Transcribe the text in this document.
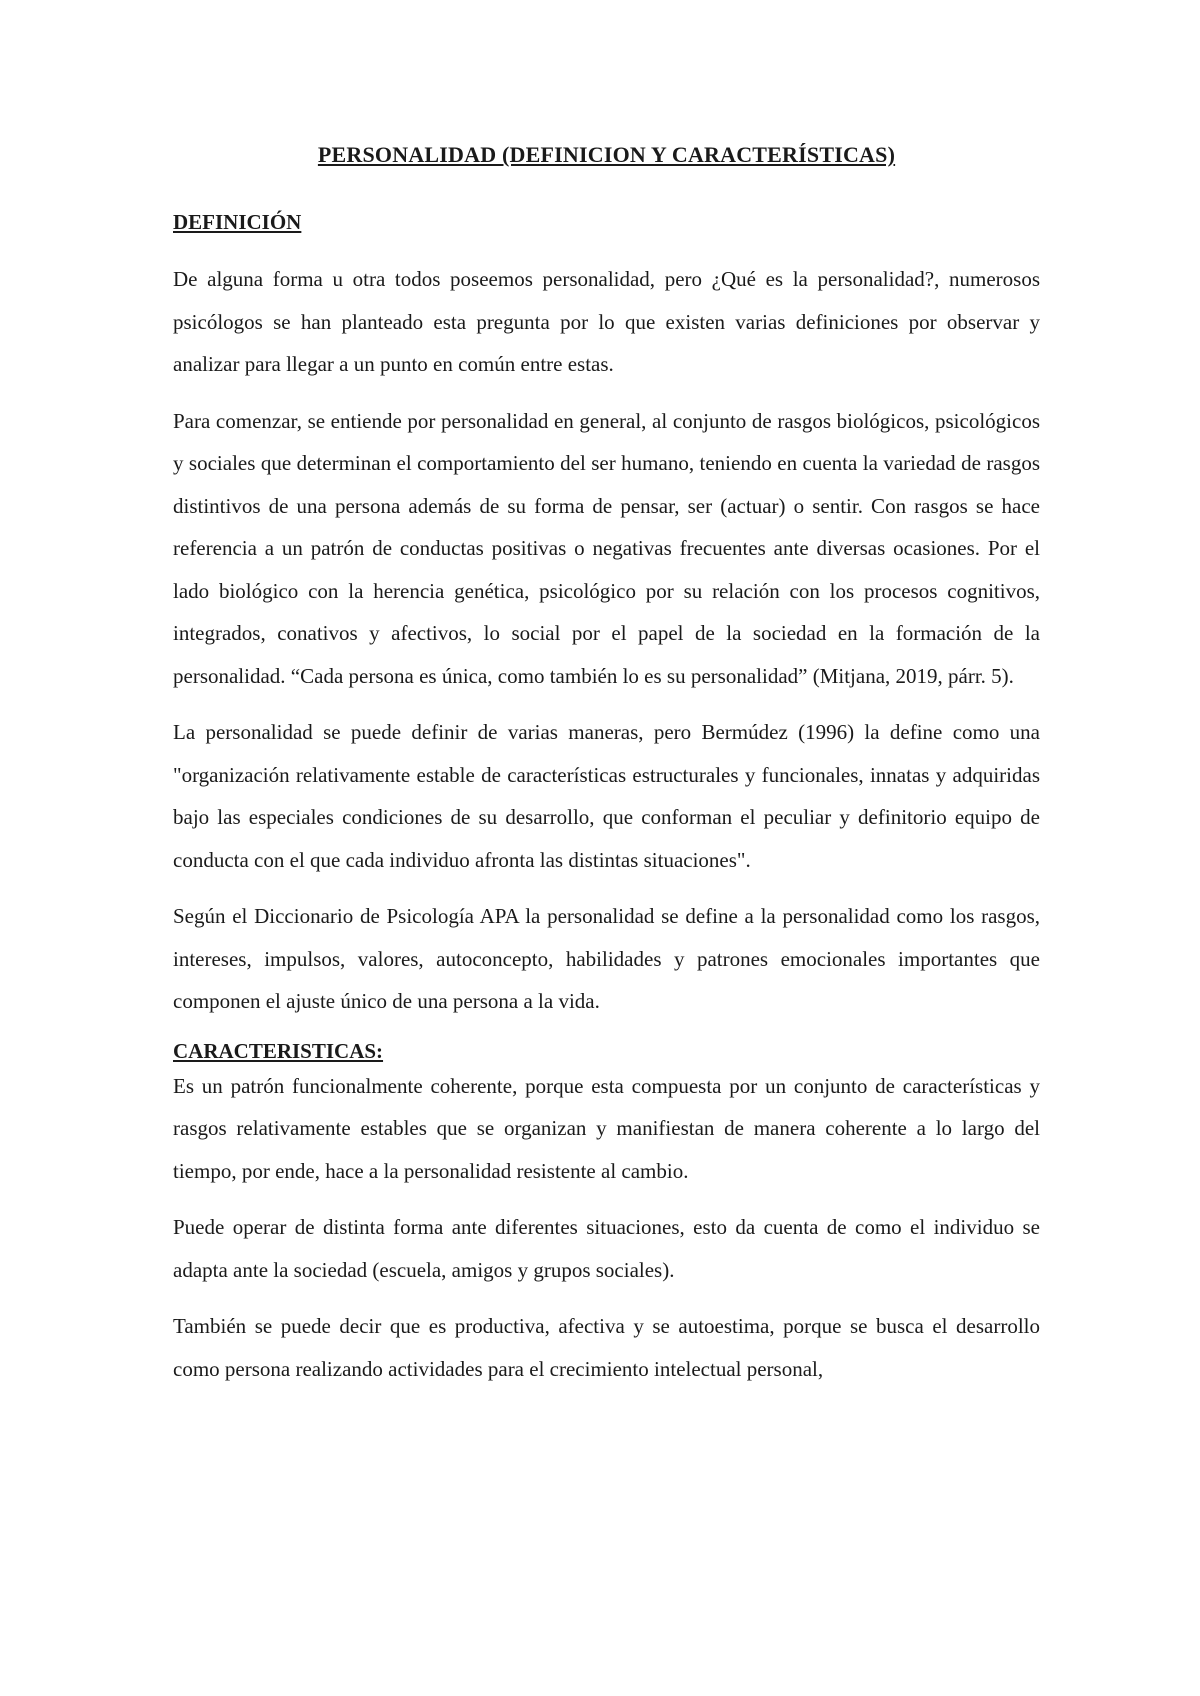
PERSONALIDAD (DEFINICION Y CARACTERÍSTICAS)
DEFINICIÓN

De alguna forma u otra todos poseemos personalidad, pero ¿Qué es la personalidad?, numerosos psicólogos se han planteado esta pregunta por lo que existen varias definiciones por observar y analizar para llegar a un punto en común entre estas.

Para comenzar, se entiende por personalidad en general, al conjunto de rasgos biológicos, psicológicos y sociales que determinan el comportamiento del ser humano, teniendo en cuenta la variedad de rasgos distintivos de una persona además de su forma de pensar, ser (actuar) o sentir. Con rasgos se hace referencia a un patrón de conductas positivas o negativas frecuentes ante diversas ocasiones. Por el lado biológico con la herencia genética, psicológico por su relación con los procesos cognitivos, integrados, conativos y afectivos, lo social por el papel de la sociedad en la formación de la personalidad. “Cada persona es única, como también lo es su personalidad” (Mitjana, 2019, párr. 5).

La personalidad se puede definir de varias maneras, pero Bermúdez (1996) la define como una "organización relativamente estable de características estructurales y funcionales, innatas y adquiridas bajo las especiales condiciones de su desarrollo, que conforman el peculiar y definitorio equipo de conducta con el que cada individuo afronta las distintas situaciones".

Según el Diccionario de Psicología APA la personalidad se define a la personalidad como los rasgos, intereses, impulsos, valores, autoconcepto, habilidades y patrones emocionales importantes que componen el ajuste único de una persona a la vida.

CARACTERISTICAS:

Es un patrón funcionalmente coherente, porque esta compuesta por un conjunto de características y rasgos relativamente estables que se organizan y manifiestan de manera coherente a lo largo del tiempo, por ende, hace a la personalidad resistente al cambio.

Puede operar de distinta forma ante diferentes situaciones, esto da cuenta de como el individuo se adapta ante la sociedad (escuela, amigos y grupos sociales).

También se puede decir que es productiva, afectiva y se autoestima, porque se busca el desarrollo como persona realizando actividades para el crecimiento intelectual personal,
